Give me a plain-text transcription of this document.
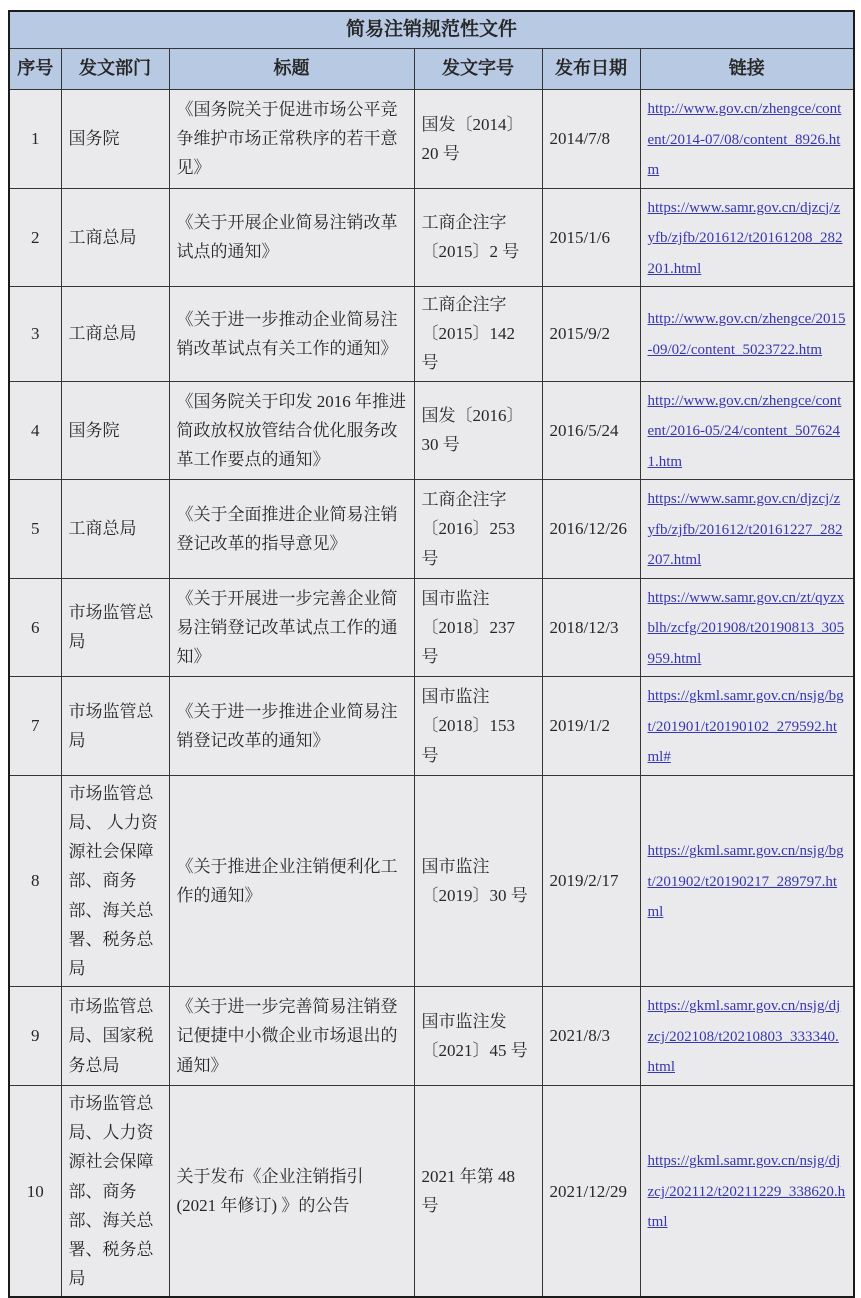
简易注销规范性文件					
序号	发文部门	标题	发文字号	发布日期	链接
1	国务院	《国务院关于促进市场公平竞争维护市场正常秩序的若干意见》	国发〔2014〕20 号	2014/7/8	http://www.gov.cn/zhengce/content/2014-07/08/content_8926.htm
2	工商总局	《关于开展企业简易注销改革试点的通知》	工商企注字〔2015〕2 号	2015/1/6	https://www.samr.gov.cn/djzcj/zyfb/zjfb/201612/t20161208_282201.html
3	工商总局	《关于进一步推动企业简易注销改革试点有关工作的通知》	工商企注字〔2015〕142 号	2015/9/2	http://www.gov.cn/zhengce/2015-09/02/content_5023722.htm
4	国务院	《国务院关于印发 2016 年推进简政放权放管结合优化服务改革工作要点的通知》	国发〔2016〕30 号	2016/5/24	http://www.gov.cn/zhengce/content/2016-05/24/content_5076241.htm
5	工商总局	《关于全面推进企业简易注销登记改革的指导意见》	工商企注字〔2016〕253 号	2016/12/26	https://www.samr.gov.cn/djzcj/zyfb/zjfb/201612/t20161227_282207.html
6	市场监管总局	《关于开展进一步完善企业简易注销登记改革试点工作的通知》	国市监注〔2018〕237 号	2018/12/3	https://www.samr.gov.cn/zt/qyzxblh/zcfg/201908/t20190813_305959.html
7	市场监管总局	《关于进一步推进企业简易注销登记改革的通知》	国市监注〔2018〕153 号	2019/1/2	https://gkml.samr.gov.cn/nsjg/bgt/201901/t20190102_279592.html#
8	市场监管总局、 人力资源社会保障部、商务部、海关总署、税务总局	《关于推进企业注销便利化工作的通知》	国市监注〔2019〕30 号	2019/2/17	https://gkml.samr.gov.cn/nsjg/bgt/201902/t20190217_289797.html
9	市场监管总局、国家税务总局	《关于进一步完善简易注销登记便捷中小微企业市场退出的通知》	国市监注发〔2021〕45 号	2021/8/3	https://gkml.samr.gov.cn/nsjg/djzcj/202108/t20210803_333340.html
10	市场监管总局、人力资源社会保障部、商务部、海关总署、税务总局	关于发布《企业注销指引 (2021 年修订) 》的公告	2021 年第 48 号	2021/12/29	https://gkml.samr.gov.cn/nsjg/djzcj/202112/t20211229_338620.html
